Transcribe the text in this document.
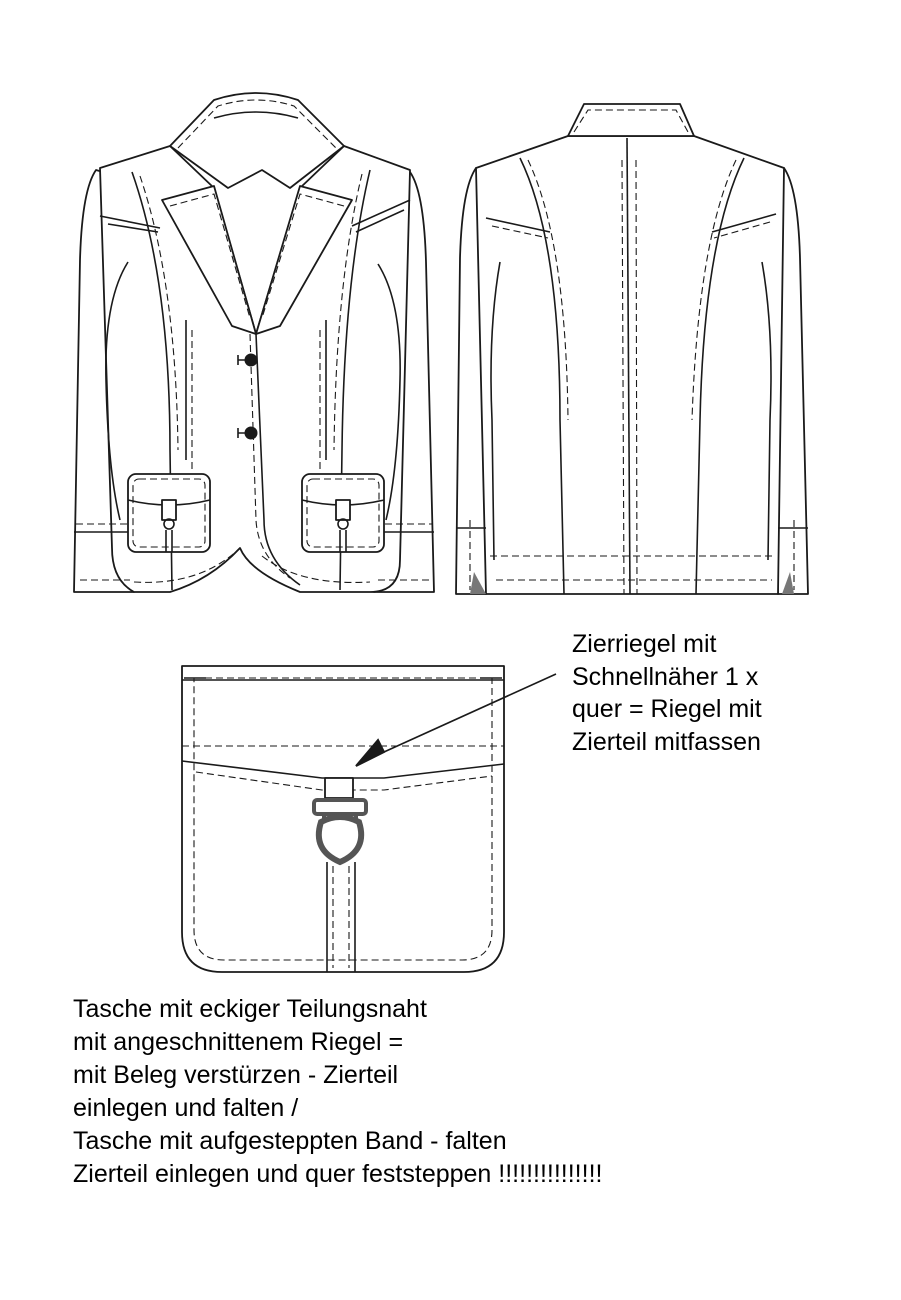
Zierriegel mit
Schnellnäher 1 x
quer = Riegel mit
Zierteil mitfassen
Tasche mit eckiger Teilungsnaht
mit angeschnittenem Riegel =
mit Beleg verstürzen - Zierteil
einlegen und falten /
Tasche mit aufgesteppten Band - falten
Zierteil einlegen und quer feststeppen !!!!!!!!!!!!!!!
